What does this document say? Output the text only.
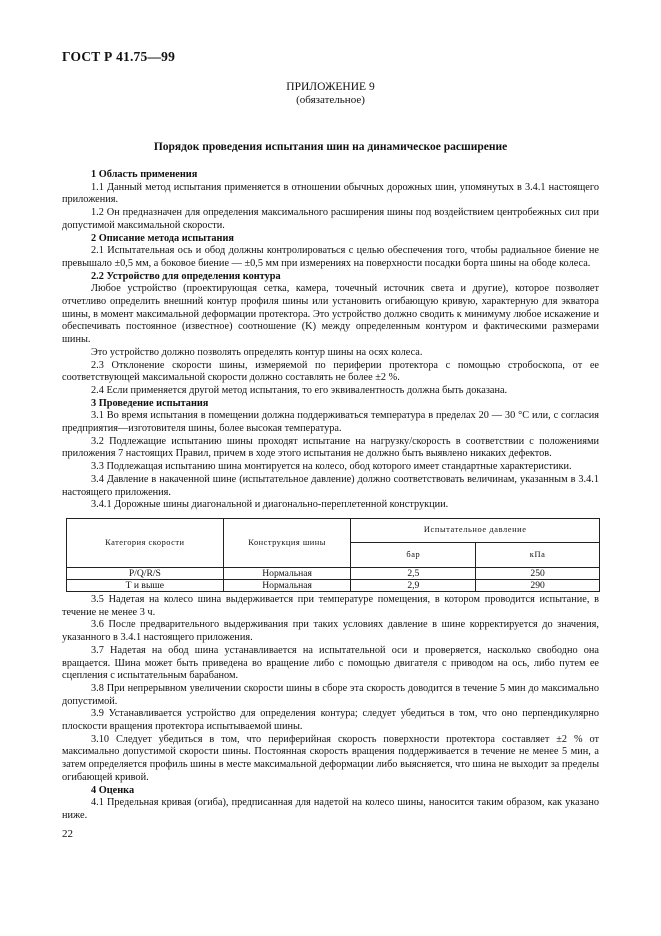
ГОСТ Р 41.75—99
ПРИЛОЖЕНИЕ 9
(обязательное)
Порядок проведения испытания шин на динамическое расширение

1 Область применения

1.1 Данный метод испытания применяется в отношении обычных дорожных шин, упомянутых в 3.4.1 настоящего приложения.

1.2 Он предназначен для определения максимального расширения шины под воздействием центробежных сил при допустимой максимальной скорости.

2 Описание метода испытания

2.1 Испытательная ось и обод должны контролироваться с целью обеспечения того, чтобы радиальное биение не превышало ±0,5 мм, а боковое биение — ±0,5 мм при измерениях на поверхности посадки борта шины на ободе колеса.

2.2 Устройство для определения контура

Любое устройство (проектирующая сетка, камера, точечный источник света и другие), которое позволяет отчетливо определить внешний контур профиля шины или установить огибающую кривую, характерную для экватора шины, в момент максимальной деформации протектора. Это устройство должно сводить к минимуму любое искажение и обеспечивать постоянное (известное) соотношение (K) между определенным контуром и фактическими размерами шины.

Это устройство должно позволять определять контур шины на осях колеса.

2.3 Отклонение скорости шины, измеряемой по периферии протектора с помощью стробоскопа, от ее соответствующей максимальной скорости должно составлять не более ±2 %.

2.4 Если применяется другой метод испытания, то его эквивалентность должна быть доказана.

3 Проведение испытания

3.1 Во время испытания в помещении должна поддерживаться температура в пределах 20 — 30 °С или, с согласия предприятия—изготовителя шины, более высокая температура.

3.2 Подлежащие испытанию шины проходят испытание на нагрузку/скорость в соответствии с положениями приложения 7 настоящих Правил, причем в ходе этого испытания не должно быть выявлено никаких дефектов.

3.3 Подлежащая испытанию шина монтируется на колесо, обод которого имеет стандартные характеристики.

3.4 Давление в накаченной шине (испытательное давление) должно соответствовать величинам, указанным в 3.4.1 настоящего приложения.

3.4.1 Дорожные шины диагональной и диагонально-переплетенной конструкции.

Категория скорости	Конструкция шины	Испытательное давление	
		бар	кПа
P/Q/R/S	Нормальная	2,5	250
Т и выше	Нормальная	2,9	290

3.5 Надетая на колесо шина выдерживается при температуре помещения, в котором проводится испытание, в течение не менее 3 ч.

3.6 После предварительного выдерживания при таких условиях давление в шине корректируется до значения, указанного в 3.4.1 настоящего приложения.

3.7 Надетая на обод шина устанавливается на испытательной оси и проверяется, насколько свободно она вращается. Шина может быть приведена во вращение либо с помощью двигателя с приводом на ось, либо путем ее сцепления с испытательным барабаном.

3.8 При непрерывном увеличении скорости шины в сборе эта скорость доводится в течение 5 мин до максимально допустимой.

3.9 Устанавливается устройство для определения контура; следует убедиться в том, что оно перпендикулярно плоскости вращения протектора испытываемой шины.

3.10 Следует убедиться в том, что периферийная скорость поверхности протектора составляет ±2 % от максимально допустимой скорости шины. Постоянная скорость вращения поддерживается в течение не менее 5 мин, а затем определяется профиль шины в месте максимальной деформации либо выясняется, что шина не выходит за пределы огибающей кривой.

4 Оценка

4.1 Предельная кривая (огиба), предписанная для надетой на колесо шины, наносится таким образом, как указано ниже.

22
